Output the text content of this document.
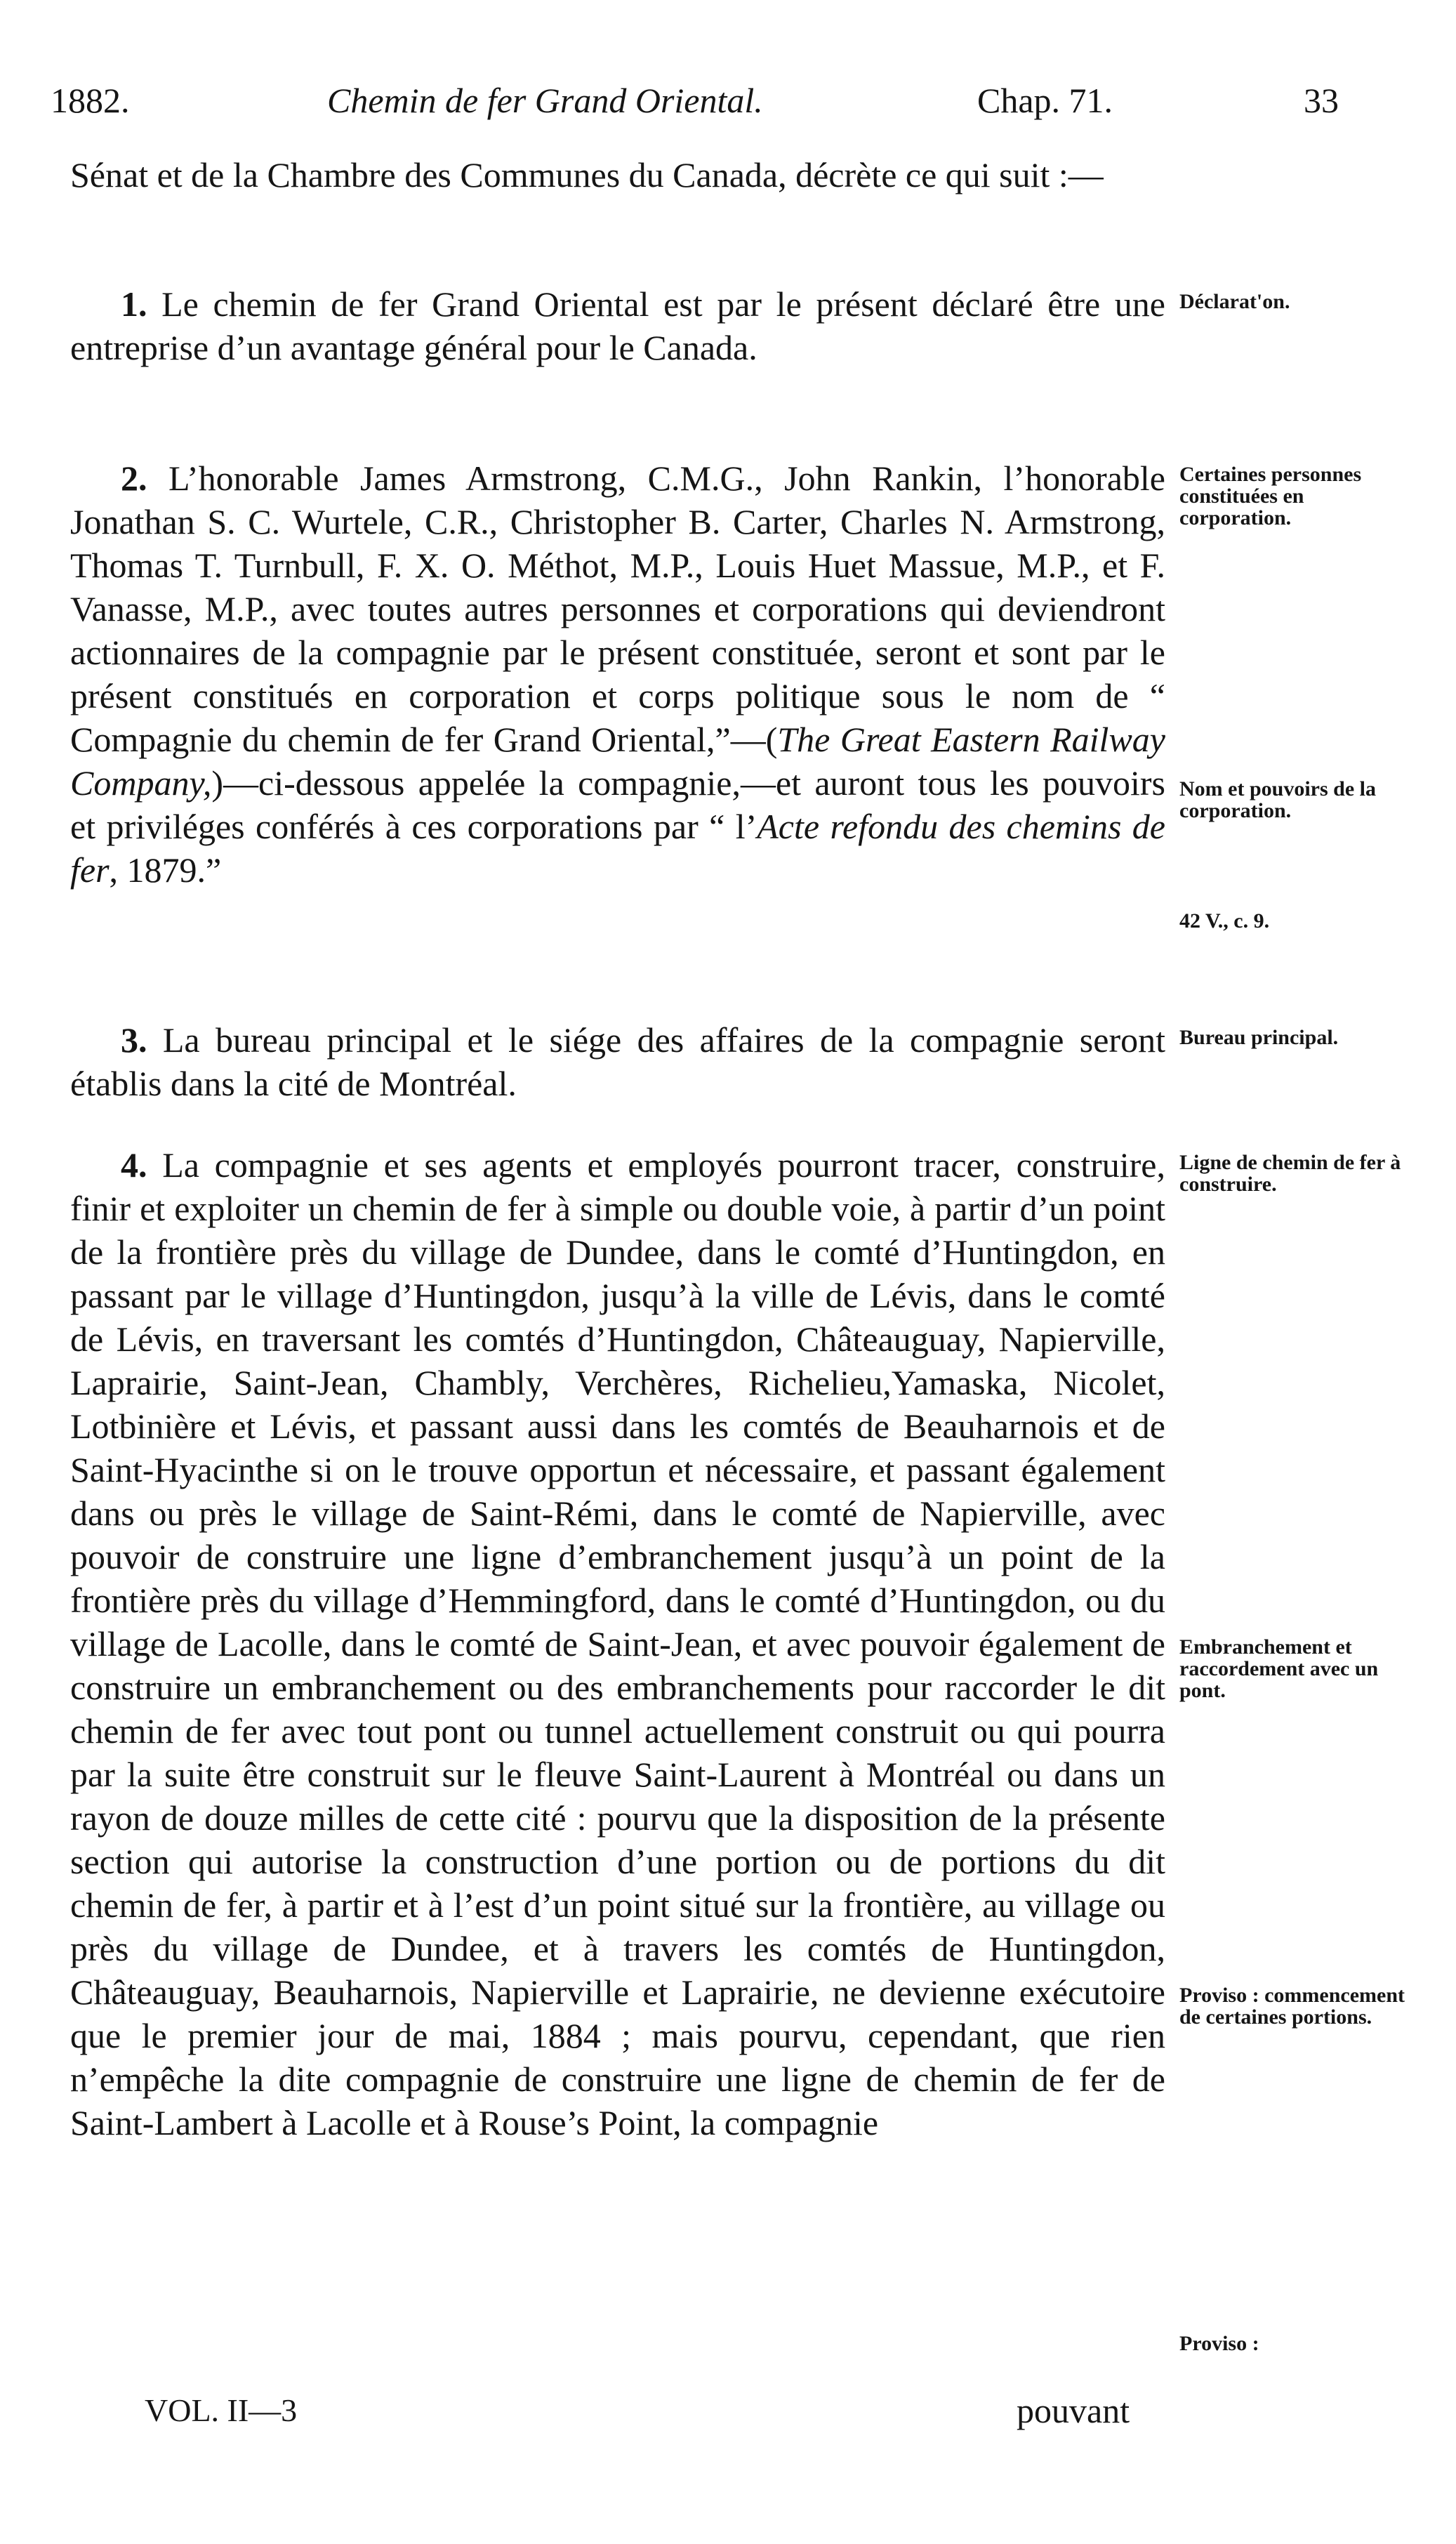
1882.	Chemin de fer Grand Oriental.	Chap. 71.	33

Sénat et de la Chambre des Communes du Canada, décrète ce qui suit :—

1. Le chemin de fer Grand Oriental est par le présent déclaré être une entreprise d’un avantage général pour le Canada.

2. L’honorable James Armstrong, C.M.G., John Rankin, l’honorable Jonathan S. C. Wurtele, C.R., Christopher B. Carter, Charles N. Armstrong, Thomas T. Turnbull, F. X. O. Méthot, M.P., Louis Huet Massue, M.P., et F. Vanasse, M.P., avec toutes autres personnes et corporations qui deviendront actionnaires de la compagnie par le présent constituée, seront et sont par le présent constitués en corporation et corps politique sous le nom de “ Compagnie du chemin de fer Grand Oriental,”—(The Great Eastern Railway Company,)—ci-dessous appelée la compagnie,—et auront tous les pouvoirs et priviléges conférés à ces corporations par “ l’Acte refondu des chemins de fer, 1879.”

3. La bureau principal et le siége des affaires de la compagnie seront établis dans la cité de Montréal.

4. La compagnie et ses agents et employés pourront tracer, construire, finir et exploiter un chemin de fer à simple ou double voie, à partir d’un point de la frontière près du village de Dundee, dans le comté d’Huntingdon, en passant par le village d’Huntingdon, jusqu’à la ville de Lévis, dans le comté de Lévis, en traversant les comtés d’Huntingdon, Châteauguay, Napierville, Laprairie, Saint-Jean, Chambly, Verchères, Richelieu,Yamaska, Nicolet, Lotbinière et Lévis, et passant aussi dans les comtés de Beauharnois et de Saint-Hyacinthe si on le trouve opportun et nécessaire, et passant également dans ou près le village de Saint-Rémi, dans le comté de Napierville, avec pouvoir de construire une ligne d’embranchement jusqu’à un point de la frontière près du village d’Hemmingford, dans le comté d’Huntingdon, ou du village de Lacolle, dans le comté de Saint-Jean, et avec pouvoir également de construire un embranchement ou des embranchements pour raccorder le dit chemin de fer avec tout pont ou tunnel actuellement construit ou qui pourra par la suite être construit sur le fleuve Saint-Laurent à Montréal ou dans un rayon de douze milles de cette cité : pourvu que la disposition de la présente section qui autorise la construction d’une portion ou de portions du dit chemin de fer, à partir et à l’est d’un point situé sur la frontière, au village ou près du village de Dundee, et à travers les comtés de Huntingdon, Châteauguay, Beauharnois, Napierville et Laprairie, ne devienne exécutoire que le premier jour de mai, 1884 ; mais pourvu, cependant, que rien n’empêche la dite compagnie de construire une ligne de chemin de fer de Saint-Lambert à Lacolle et à Rouse’s Point, la compagnie

Déclarat'on.

Certaines personnes constituées en corporation.

Nom et pouvoirs de la corporation.

42 V., c. 9.

Bureau principal.

Ligne de chemin de fer à construire.

Embranchement et raccordement avec un pont.

Proviso : commencement de certaines portions.

Proviso :

VOL. II—3	pouvant
